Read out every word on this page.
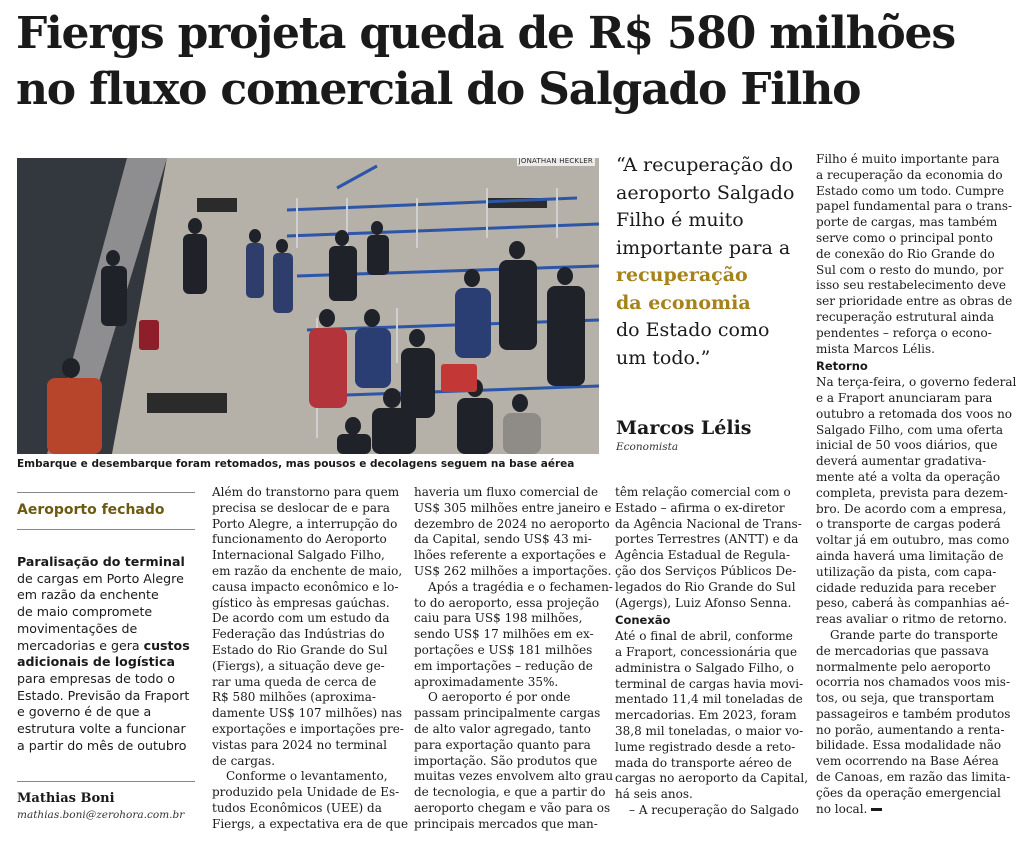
Fiergs projeta queda de R$ 580 milhões
no fluxo comercial do Salgado Filho
JONATHAN HECKLER

Embarque e desembarque foram retomados, mas pousos e decolagens seguem na base aérea

“A recuperação do
aeroporto Salgado
Filho é muito
importante para a
recuperação
da economia
do Estado como
um todo.”

Marcos Lélis

Economista

Aeroporto fechado

Paralisação do terminal
de cargas em Porto Alegre
em razão da enchente
de maio compromete
movimentações de
mercadorias e gera custos
adicionais de logística
para empresas de todo o
Estado. Previsão da Fraport
e governo é de que a
estrutura volte a funcionar
a partir do mês de outubro

Mathias Boni

mathias.boni@zerohora.com.br

Além do transtorno para quem
precisa se deslocar de e para
Porto Alegre, a interrupção do
funcionamento do Aeroporto
Internacional Salgado Filho,
em razão da enchente de maio,
causa impacto econômico e lo-
gístico às empresas gaúchas.
De acordo com um estudo da
Federação das Indústrias do
Estado do Rio Grande do Sul
(Fiergs), a situação deve ge-
rar uma queda de cerca de
R$ 580 milhões (aproxima-
damente US$ 107 milhões) nas
exportações e importações pre-
vistas para 2024 no terminal
de cargas.
Conforme o levantamento,
produzido pela Unidade de Es-
tudos Econômicos (UEE) da
Fiergs, a expectativa era de que
haveria um fluxo comercial de
US$ 305 milhões entre janeiro e
dezembro de 2024 no aeroporto
da Capital, sendo US$ 43 mi-
lhões referente a exportações e
US$ 262 milhões a importações.
Após a tragédia e o fechamen-
to do aeroporto, essa projeção
caiu para US$ 198 milhões,
sendo US$ 17 milhões em ex-
portações e US$ 181 milhões
em importações – redução de
aproximadamente 35%.
O aeroporto é por onde
passam principalmente cargas
de alto valor agregado, tanto
para exportação quanto para
importação. São produtos que
muitas vezes envolvem alto grau
de tecnologia, e que a partir do
aeroporto chegam e vão para os
principais mercados que man-
têm relação comercial com o
Estado – afirma o ex-diretor
da Agência Nacional de Trans-
portes Terrestres (ANTT) e da
Agência Estadual de Regula-
ção dos Serviços Públicos De-
legados do Rio Grande do Sul
(Agergs), Luiz Afonso Senna.
Conexão
Até o final de abril, conforme
a Fraport, concessionária que
administra o Salgado Filho, o
terminal de cargas havia movi-
mentado 11,4 mil toneladas de
mercadorias. Em 2023, foram
38,8 mil toneladas, o maior vo-
lume registrado desde a reto-
mada do transporte aéreo de
cargas no aeroporto da Capital,
há seis anos.
– A recuperação do Salgado
Filho é muito importante para
a recuperação da economia do
Estado como um todo. Cumpre
papel fundamental para o trans-
porte de cargas, mas também
serve como o principal ponto
de conexão do Rio Grande do
Sul com o resto do mundo, por
isso seu restabelecimento deve
ser prioridade entre as obras de
recuperação estrutural ainda
pendentes – reforça o econo-
mista Marcos Lélis.
Retorno
Na terça-feira, o governo federal
e a Fraport anunciaram para
outubro a retomada dos voos no
Salgado Filho, com uma oferta
inicial de 50 voos diários, que
deverá aumentar gradativa-
mente até a volta da operação
completa, prevista para dezem-
bro. De acordo com a empresa,
o transporte de cargas poderá
voltar já em outubro, mas como
ainda haverá uma limitação de
utilização da pista, com capa-
cidade reduzida para receber
peso, caberá às companhias aé-
reas avaliar o ritmo de retorno.
Grande parte do transporte
de mercadorias que passava
normalmente pelo aeroporto
ocorria nos chamados voos mis-
tos, ou seja, que transportam
passageiros e também produtos
no porão, aumentando a renta-
bilidade. Essa modalidade não
vem ocorrendo na Base Aérea
de Canoas, em razão das limita-
ções da operação emergencial
no local.
